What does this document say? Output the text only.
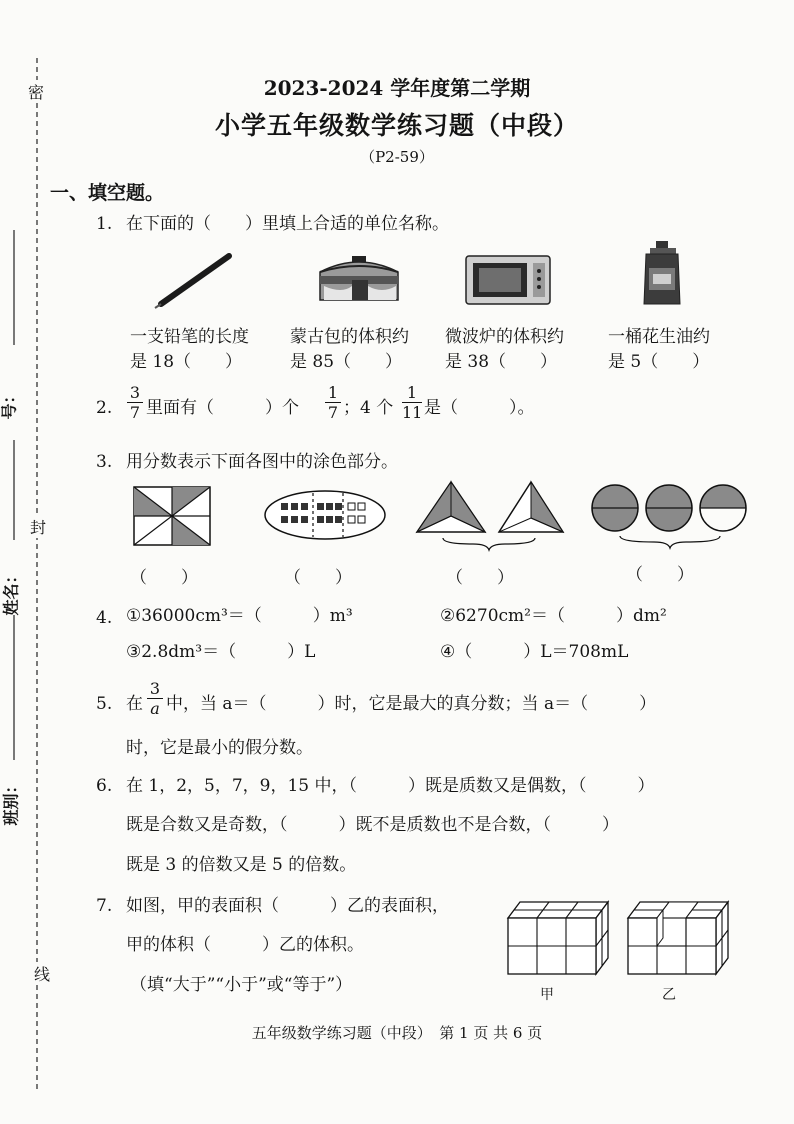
密
封
线
号：
姓名：
班别：
2023-2024 学年度第二学期
小学五年级数学练习题（中段）
（P2-59）
一、填空题。
1. 在下面的（　　）里填上合适的单位名称。
一支铅笔的长度
是 18（　　）
蒙古包的体积约
是 85（　　）
微波炉的体积约
是 38（　　）
一桶花生油约
是 5（　　）
2.
3
7 里面有（　　　）个
1
7 ；4 个
1
11 是（　　　）。
3. 用分数表示下面各图中的涂色部分。
（　　）	（　　）	（　　）	（　　）
4. ①36000cm³＝（　　　）m³	②6270cm²＝（　　　）dm²
③2.8dm³＝（　　　）L	④（　　　）L＝708mL
5. 在
3
a 中，当 a＝（　　　）时，它是最大的真分数；当 a＝（　　　）
时，它是最小的假分数。
6. 在 1，2，5，7，9，15 中，（　　　）既是质数又是偶数，（　　　）
既是合数又是奇数，（　　　）既不是质数也不是合数，（　　　）
既是 3 的倍数又是 5 的倍数。
7. 如图，甲的表面积（　　　）乙的表面积，
甲的体积（　　　）乙的体积。
（填“大于”“小于”或“等于”）	甲	乙
五年级数学练习题（中段）　第 1 页 共 6 页
